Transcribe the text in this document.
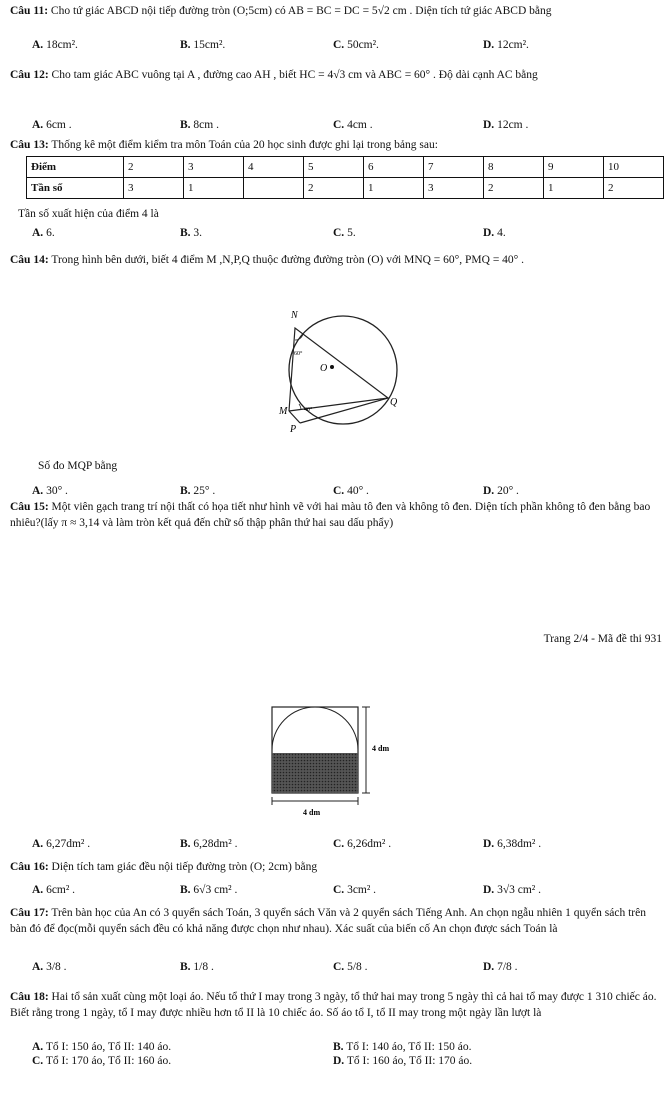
Câu 11: Cho tứ giác ABCD nội tiếp đường tròn (O;5cm) có AB = BC = DC = 5√2 cm . Diện tích tứ giác ABCD bằng
A. 18cm².	B. 15cm².	C. 50cm².	D. 12cm².
Câu 12: Cho tam giác ABC vuông tại A , đường cao AH , biết HC = 4√3 cm và ABC = 60° . Độ dài cạnh AC bằng
A. 6cm .	B. 8cm .	C. 4cm .	D. 12cm .
Câu 13: Thống kê một điểm kiểm tra môn Toán của 20 học sinh được ghi lại trong bảng sau:
Điểm	2	3	4	5	6	7	8	9	10
Tần số	3	1		2	1	3	2	1	2
Tần số xuất hiện của điểm 4 là
A. 6.	B. 3.	C. 5.	D. 4.
Câu 14: Trong hình bên dưới, biết 4 điểm M ,N,P,Q thuộc đường đường tròn (O) với MNQ = 60°, PMQ = 40° .
O
N
M
P
Q
60°
40°
Số đo MQP bằng
A. 30° .	B. 25° .	C. 40° .	D. 20° .
Câu 15: Một viên gạch trang trí nội thất có họa tiết như hình vẽ với hai màu tô đen và không tô đen. Diện tích phần không tô đen bằng bao nhiêu?(lấy π ≈ 3,14 và làm tròn kết quả đến chữ số thập phân thứ hai sau dấu phẩy)
Trang 2/4 - Mã đề thi 931
4 dm
4 dm
A. 6,27dm² .	B. 6,28dm² .	C. 6,26dm² .	D. 6,38dm² .
Câu 16: Diện tích tam giác đều nội tiếp đường tròn (O; 2cm) bằng
A. 6cm² .	B. 6√3 cm² .	C. 3cm² .	D. 3√3 cm² .
Câu 17: Trên bàn học của An có 3 quyển sách Toán, 3 quyển sách Văn và 2 quyển sách Tiếng Anh. An chọn ngẫu nhiên 1 quyển sách trên bàn đó để đọc(mỗi quyển sách đều có khả năng được chọn như nhau). Xác suất của biến cố An chọn được sách Toán là
A. 3/8 .	B. 1/8 .	C. 5/8 .	D. 7/8 .
Câu 18: Hai tổ sản xuất cùng một loại áo. Nếu tổ thứ I may trong 3 ngày, tổ thứ hai may trong 5 ngày thì cả hai tổ may được 1 310 chiếc áo. Biết rằng trong 1 ngày, tổ I may được nhiều hơn tổ II là 10 chiếc áo. Số áo tổ I, tổ II may trong một ngày lần lượt là
A. Tổ I: 150 áo, Tổ II: 140 áo.	B. Tổ I: 140 áo, Tổ II: 150 áo.
C. Tổ I: 170 áo, Tổ II: 160 áo.	D. Tổ I: 160 áo, Tổ II: 170 áo.
